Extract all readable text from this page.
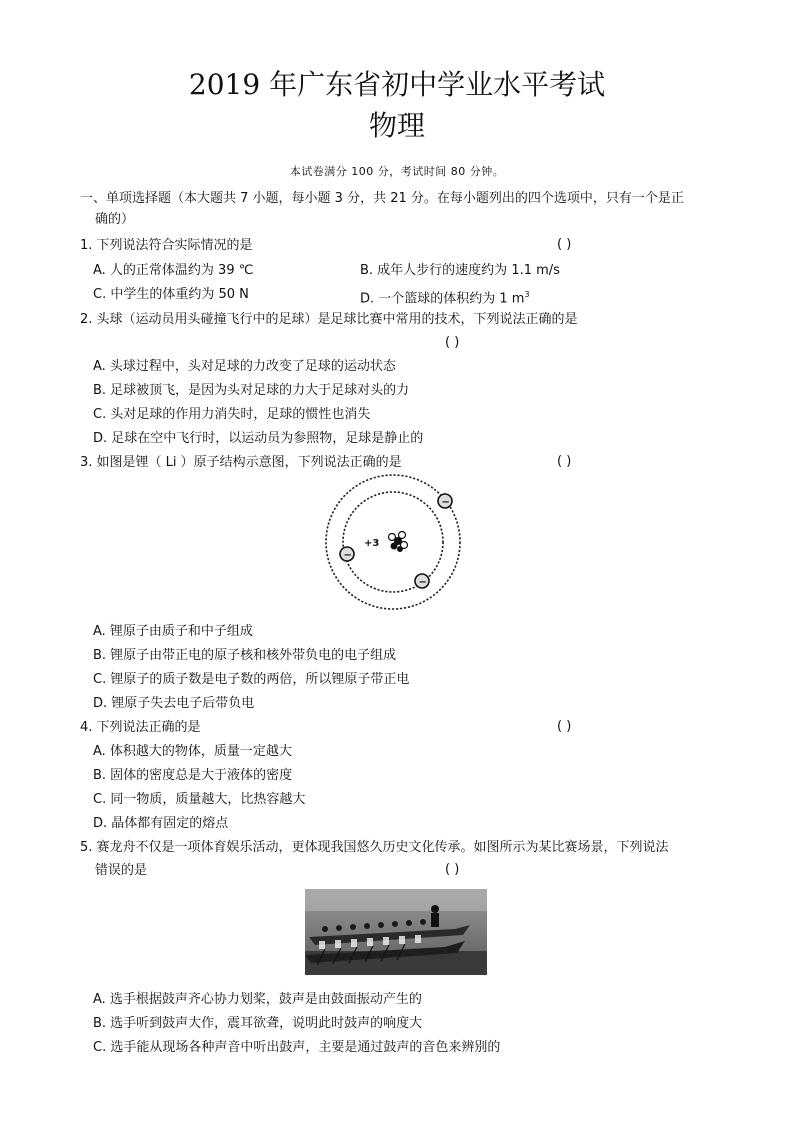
2019 年广东省初中学业水平考试
物理
本试卷满分 100 分，考试时间 80 分钟。
一、单项选择题（本大题共 7 小题，每小题 3 分，共 21 分。在每小题列出的四个选项中，只有一个是正
确的）
1. 下列说法符合实际情况的是	( )
A. 人的正常体温约为 39 ℃	B. 成年人步行的速度约为 1.1 m/s
C. 中学生的体重约为 50 N	D. 一个篮球的体积约为 1 $m^3$
2. 头球（运动员用头碰撞飞行中的足球）是足球比赛中常用的技术，下列说法正确的是
( )
A. 头球过程中，头对足球的力改变了足球的运动状态
B. 足球被顶飞，是因为头对足球的力大于足球对头的力
C. 头对足球的作用力消失时，足球的惯性也消失
D. 足球在空中飞行时，以运动员为参照物，足球是静止的
3. 如图是锂（ Li ）原子结构示意图，下列说法正确的是	( )
+3
−
−
−
A. 锂原子由质子和中子组成
B. 锂原子由带正电的原子核和核外带负电的电子组成
C. 锂原子的质子数是电子数的两倍，所以锂原子带正电
D. 锂原子失去电子后带负电
4. 下列说法正确的是	( )
A. 体积越大的物体，质量一定越大
B. 固体的密度总是大于液体的密度
C. 同一物质，质量越大，比热容越大
D. 晶体都有固定的熔点
5. 赛龙舟不仅是一项体育娱乐活动，更体现我国悠久历史文化传承。如图所示为某比赛场景，下列说法
错误的是	( )
A. 选手根据鼓声齐心协力划桨，鼓声是由鼓面振动产生的
B. 选手听到鼓声大作，震耳欲聋，说明此时鼓声的响度大
C. 选手能从现场各种声音中听出鼓声，主要是通过鼓声的音色来辨别的
